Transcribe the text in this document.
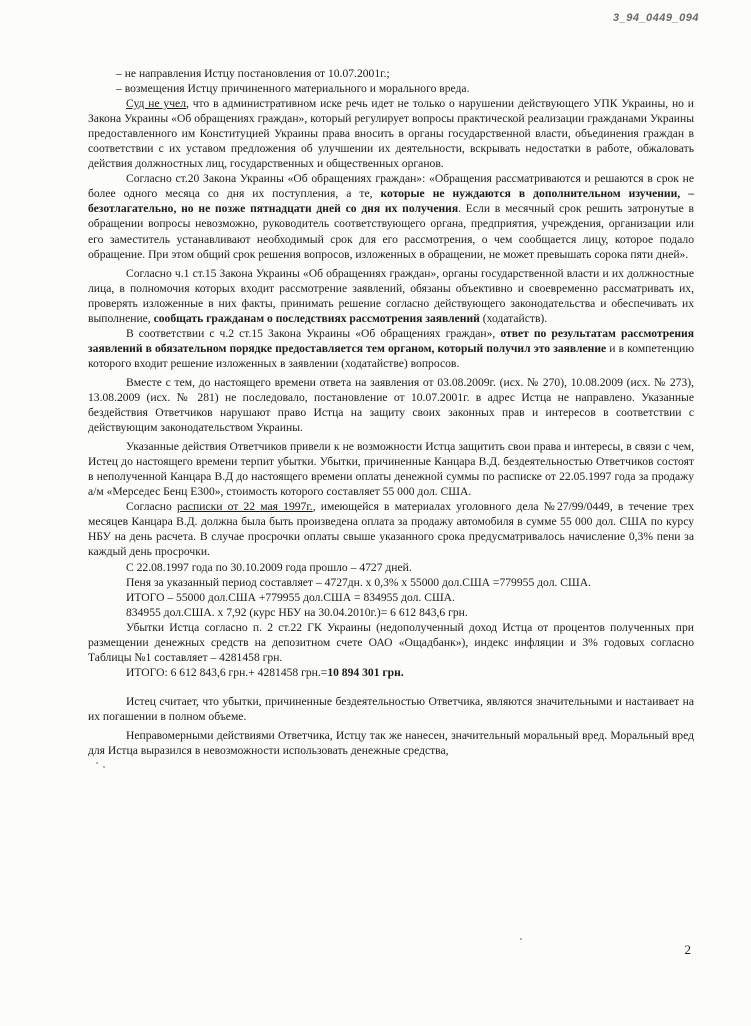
3_94_0449_094

– не направления Истцу постановления от 10.07.2001г.;

– возмещения Истцу причиненного материального и морального вреда.

Суд не учел, что в административном иске речь идет не только о нарушении действующего УПК Украины, но и Закона Украины «Об обращениях граждан», который регулирует вопросы практической реализации гражданами Украины предоставленного им Конституцией Украины права вносить в органы государственной власти, объединения граждан в соответствии с их уставом предложения об улучшении их деятельности, вскрывать недостатки в работе, обжаловать действия должностных лиц, государственных и общественных органов.

Согласно ст.20 Закона Украины «Об обращениях граждан»: «Обращения рассматриваются и решаются в срок не более одного месяца со дня их поступления, а те, которые не нуждаются в дополнительном изучении, – безотлагательно, но не позже пятнадцати дней со дня их получения. Если в месячный срок решить затронутые в обращении вопросы невозможно, руководитель соответствующего органа, предприятия, учреждения, организации или его заместитель устанавливают необходимый срок для его рассмотрения, о чем сообщается лицу, которое подало обращение. При этом общий срок решения вопросов, изложенных в обращении, не может превышать сорока пяти дней».

Согласно ч.1 ст.15 Закона Украины «Об обращениях граждан», органы государственной власти и их должностные лица, в полномочия которых входит рассмотрение заявлений, обязаны объективно и своевременно рассматривать их, проверять изложенные в них факты, принимать решение согласно действующего законодательства и обеспечивать их выполнение, сообщать гражданам о последствиях рассмотрения заявлений (ходатайств).

В соответствии с ч.2 ст.15 Закона Украины «Об обращениях граждан», ответ по результатам рассмотрения заявлений в обязательном порядке предоставляется тем органом, который получил это заявление и в компетенцию которого входит решение изложенных в заявлении (ходатайстве) вопросов.

Вместе с тем, до настоящего времени ответа на заявления от 03.08.2009г. (исх. № 270), 10.08.2009 (исх. № 273), 13.08.2009 (исх. № 281) не последовало, постановление от 10.07.2001г. в адрес Истца не направлено. Указанные бездействия Ответчиков нарушают право Истца на защиту своих законных прав и интересов в соответствии с действующим законодательством Украины.

Указанные действия Ответчиков привели к не возможности Истца защитить свои права и интересы, в связи с чем, Истец до настоящего времени терпит убытки. Убытки, причиненные Канцара В.Д. бездеятельностью Ответчиков состоят в неполученной Канцара В.Д до настоящего времени оплаты денежной суммы по расписке от 22.05.1997 года за продажу а/м «Мерседес Бенц Е300», стоимость которого составляет 55 000 дол. США.

Согласно расписки от 22 мая 1997г., имеющейся в материалах уголовного дела №27/99/0449, в течение трех месяцев Канцара В.Д. должна была быть произведена оплата за продажу автомобиля в сумме 55 000 дол. США по курсу НБУ на день расчета. В случае просрочки оплаты свыше указанного срока предусматривалось начисление 0,3% пени за каждый день просрочки.

С 22.08.1997 года по 30.10.2009 года прошло – 4727 дней.

Пеня за указанный период составляет – 4727дн. х 0,3% х 55000 дол.США =779955 дол. США.

ИТОГО – 55000 дол.США +779955 дол.США = 834955 дол. США.

834955 дол.США. х 7,92 (курс НБУ на 30.04.2010г.)= 6 612 843,6 грн.

Убытки Истца согласно п. 2 ст.22 ГК Украины (недополученный доход Истца от процентов полученных при размещении денежных средств на депозитном счете ОАО «Ощадбанк»), индекс инфляции и 3% годовых согласно Таблицы №1 составляет – 4281458 грн.

ИТОГО: 6 612 843,6 грн.+ 4281458 грн.=10 894 301 грн.

Истец считает, что убытки, причиненные бездеятельностью Ответчика, являются значительными и настаивает на их погашении в полном объеме.

Неправомерными действиями Ответчика, Истцу так же нанесен, значительный моральный вред. Моральный вред для Истца выразился в невозможности использовать денежные средства,

2
